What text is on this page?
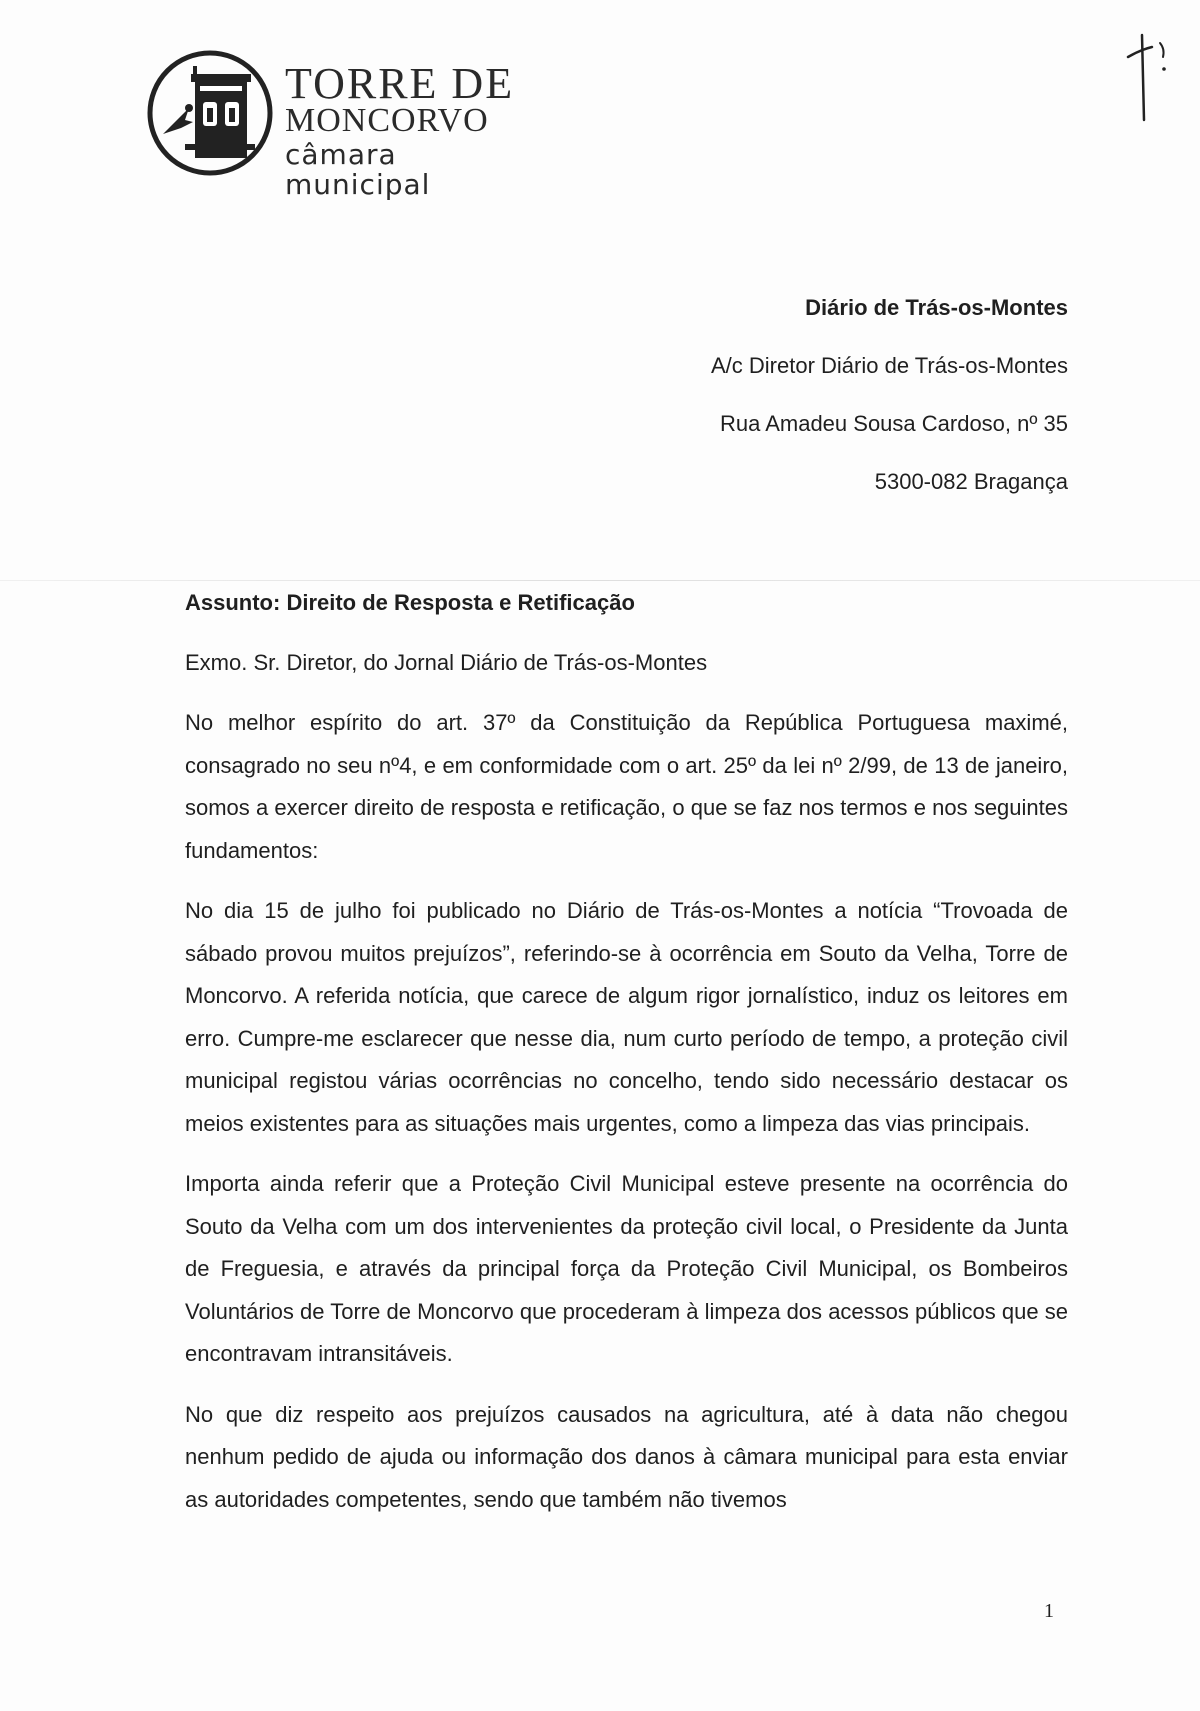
TORRE DE
MONCORVO
câmara municipal
Diário de Trás-os-Montes
A/c Diretor Diário de Trás-os-Montes
Rua Amadeu Sousa Cardoso, nº 35
5300-082 Bragança
Assunto: Direito de Resposta e Retificação
Exmo. Sr. Diretor, do Jornal Diário de Trás-os-Montes

No melhor espírito do art. 37º da Constituição da República Portuguesa maximé, consagrado no seu nº4, e em conformidade com o art. 25º da lei nº 2/99, de 13 de janeiro, somos a exercer direito de resposta e retificação, o que se faz nos termos e nos seguintes fundamentos:

No dia 15 de julho foi publicado no Diário de Trás-os-Montes a notícia “Trovoada de sábado provou muitos prejuízos”, referindo-se à ocorrência em Souto da Velha, Torre de Moncorvo. A referida notícia, que carece de algum rigor jornalístico, induz os leitores em erro. Cumpre-me esclarecer que nesse dia, num curto período de tempo, a proteção civil municipal registou várias ocorrências no concelho, tendo sido necessário destacar os meios existentes para as situações mais urgentes, como a limpeza das vias principais.

Importa ainda referir que a Proteção Civil Municipal esteve presente na ocorrência do Souto da Velha com um dos intervenientes da proteção civil local, o Presidente da Junta de Freguesia, e através da principal força da Proteção Civil Municipal, os Bombeiros Voluntários de Torre de Moncorvo que procederam à limpeza dos acessos públicos que se encontravam intransitáveis.

No que diz respeito aos prejuízos causados na agricultura, até à data não chegou nenhum pedido de ajuda ou informação dos danos à câmara municipal para esta enviar as autoridades competentes, sendo que também não tivemos

1
